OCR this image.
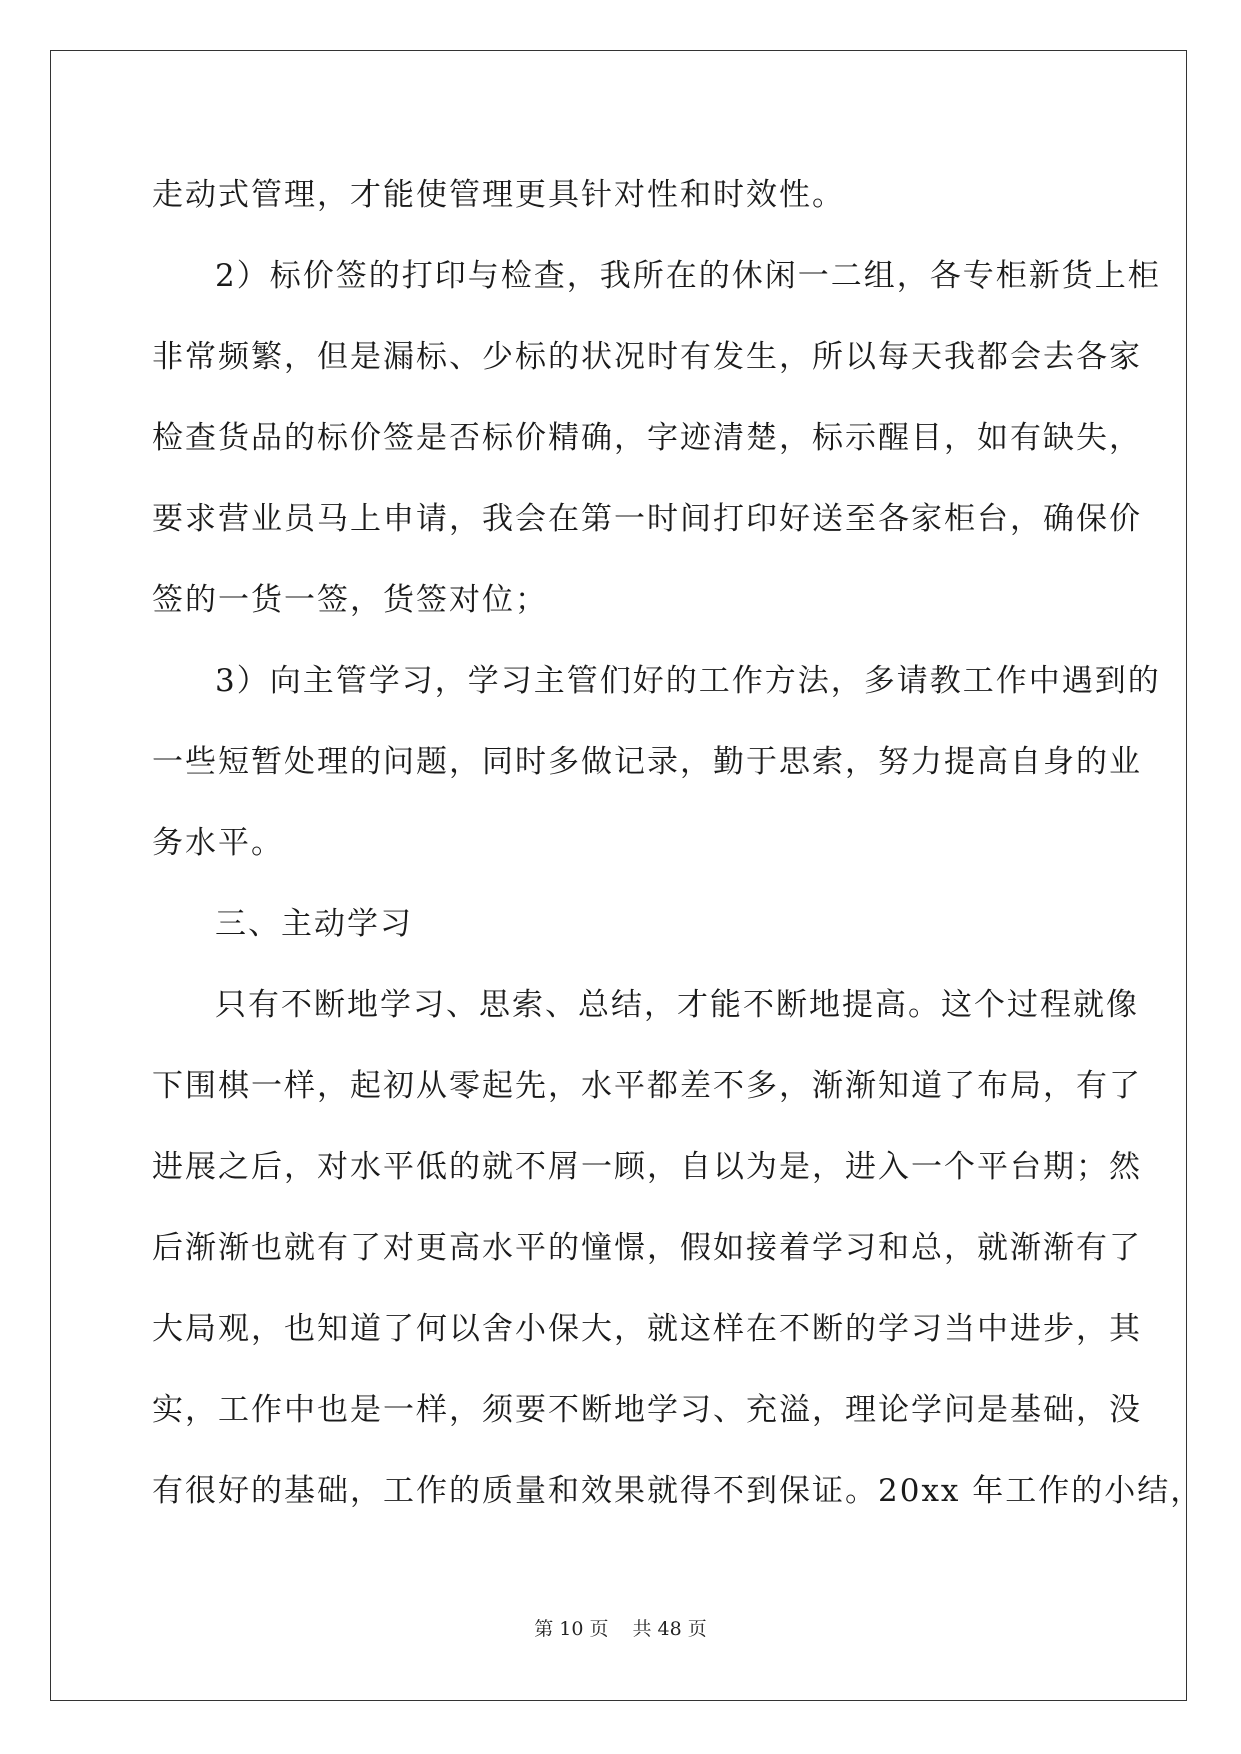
走动式管理，才能使管理更具针对性和时效性。
2）标价签的打印与检查，我所在的休闲一二组，各专柜新货上柜
非常频繁，但是漏标、少标的状况时有发生，所以每天我都会去各家
检查货品的标价签是否标价精确，字迹清楚，标示醒目，如有缺失，
要求营业员马上申请，我会在第一时间打印好送至各家柜台，确保价
签的一货一签，货签对位；
3）向主管学习，学习主管们好的工作方法，多请教工作中遇到的
一些短暂处理的问题，同时多做记录，勤于思索，努力提高自身的业
务水平。
三、主动学习
只有不断地学习、思索、总结，才能不断地提高。这个过程就像
下围棋一样，起初从零起先，水平都差不多，渐渐知道了布局，有了
进展之后，对水平低的就不屑一顾，自以为是，进入一个平台期；然
后渐渐也就有了对更高水平的憧憬，假如接着学习和总，就渐渐有了
大局观，也知道了何以舍小保大，就这样在不断的学习当中进步，其
实，工作中也是一样，须要不断地学习、充溢，理论学问是基础，没
有很好的基础，工作的质量和效果就得不到保证。20xx 年工作的小结，
第 10 页 共 48 页
